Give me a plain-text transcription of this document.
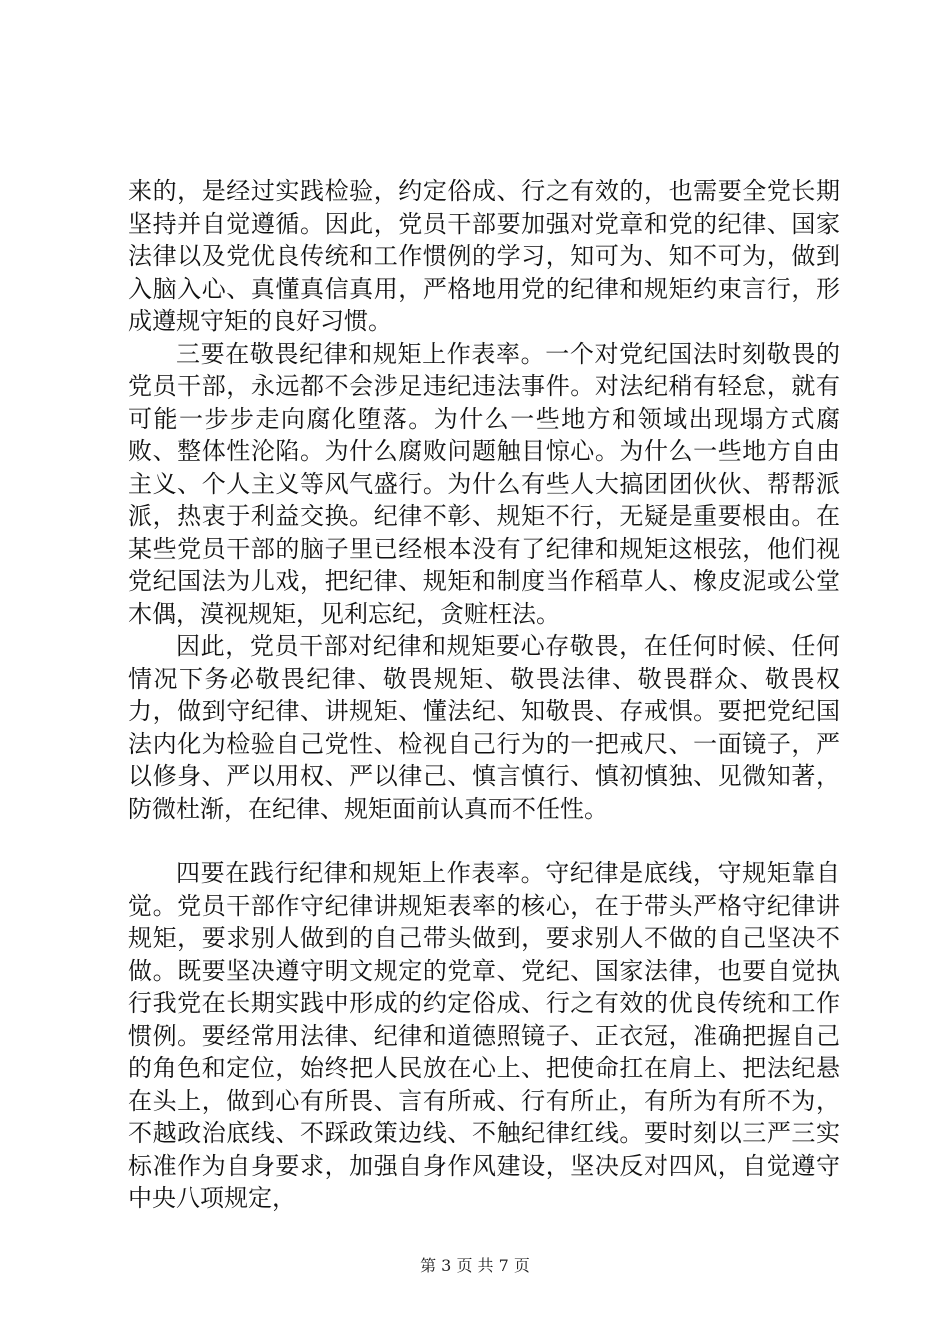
来的，是经过实践检验，约定俗成、行之有效的，也需要全党长期坚持并自觉遵循。因此，党员干部要加强对党章和党的纪律、国家法律以及党优良传统和工作惯例的学习，知可为、知不可为，做到入脑入心、真懂真信真用，严格地用党的纪律和规矩约束言行，形成遵规守矩的良好习惯。

三要在敬畏纪律和规矩上作表率。一个对党纪国法时刻敬畏的党员干部，永远都不会涉足违纪违法事件。对法纪稍有轻怠，就有可能一步步走向腐化堕落。为什么一些地方和领域出现塌方式腐败、整体性沦陷。为什么腐败问题触目惊心。为什么一些地方自由主义、个人主义等风气盛行。为什么有些人大搞团团伙伙、帮帮派派，热衷于利益交换。纪律不彰、规矩不行，无疑是重要根由。在某些党员干部的脑子里已经根本没有了纪律和规矩这根弦，他们视党纪国法为儿戏，把纪律、规矩和制度当作稻草人、橡皮泥或公堂木偶，漠视规矩，见利忘纪，贪赃枉法。

因此，党员干部对纪律和规矩要心存敬畏，在任何时候、任何情况下务必敬畏纪律、敬畏规矩、敬畏法律、敬畏群众、敬畏权力，做到守纪律、讲规矩、懂法纪、知敬畏、存戒惧。要把党纪国法内化为检验自己党性、检视自己行为的一把戒尺、一面镜子，严以修身、严以用权、严以律己、慎言慎行、慎初慎独、见微知著，防微杜渐，在纪律、规矩面前认真而不任性。

四要在践行纪律和规矩上作表率。守纪律是底线，守规矩靠自觉。党员干部作守纪律讲规矩表率的核心，在于带头严格守纪律讲规矩，要求别人做到的自己带头做到，要求别人不做的自己坚决不做。既要坚决遵守明文规定的党章、党纪、国家法律，也要自觉执行我党在长期实践中形成的约定俗成、行之有效的优良传统和工作惯例。要经常用法律、纪律和道德照镜子、正衣冠，准确把握自己的角色和定位，始终把人民放在心上、把使命扛在肩上、把法纪悬在头上，做到心有所畏、言有所戒、行有所止，有所为有所不为，不越政治底线、不踩政策边线、不触纪律红线。要时刻以三严三实标准作为自身要求，加强自身作风建设，坚决反对四风，自觉遵守中央八项规定，

第 3 页 共 7 页
